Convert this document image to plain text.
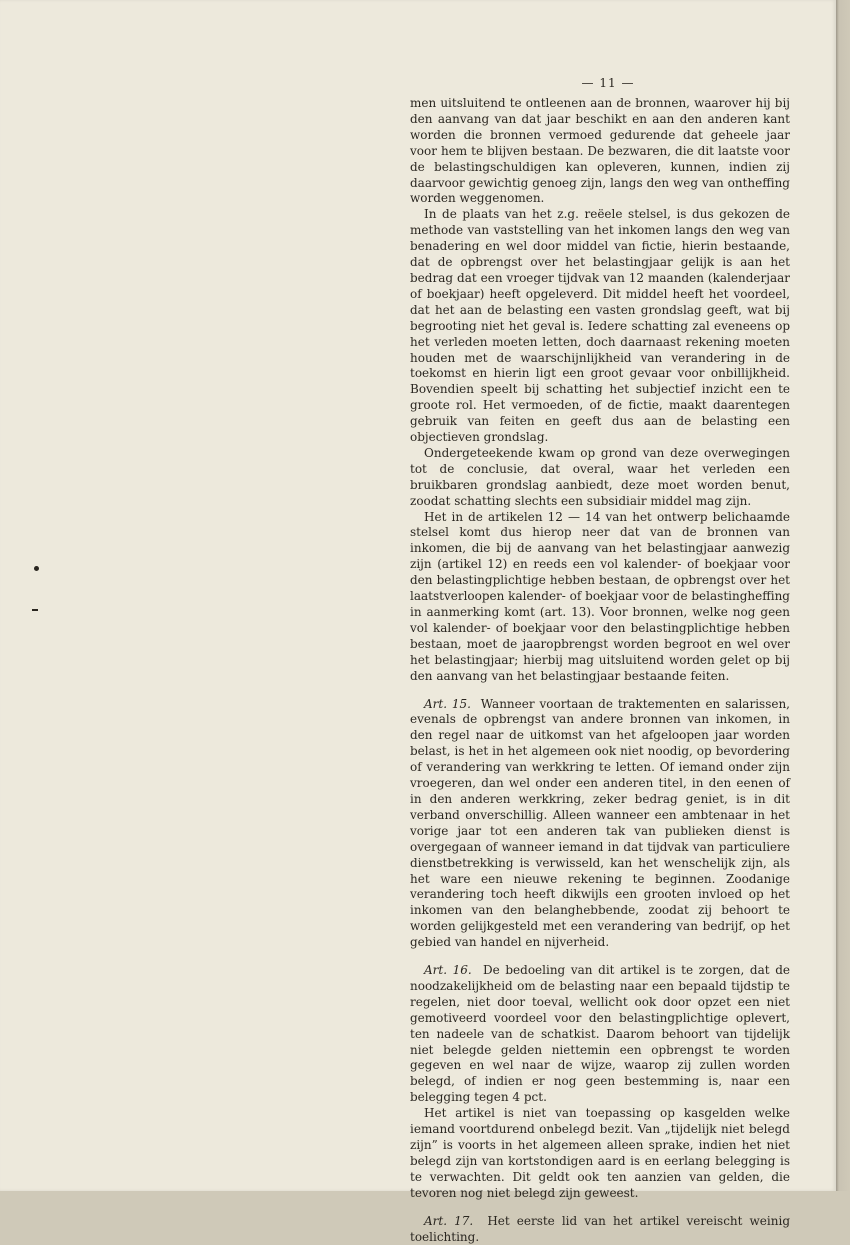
— 11 —

men uitsluitend te ontleenen aan de bronnen, waarover hij bij den aanvang van dat jaar beschikt en aan den anderen kant worden die bronnen vermoed gedurende dat geheele jaar voor hem te blijven bestaan. De bezwaren, die dit laatste voor de belastingschuldigen kan opleveren, kunnen, indien zij daarvoor gewichtig genoeg zijn, langs den weg van ontheffing worden weggenomen.

In de plaats van het z.g. reëele stelsel, is dus gekozen de methode van vaststelling van het inkomen langs den weg van benadering en wel door middel van fictie, hierin bestaande, dat de opbrengst over het belastingjaar gelijk is aan het bedrag dat een vroeger tijdvak van 12 maanden (kalenderjaar of boekjaar) heeft opgeleverd. Dit middel heeft het voordeel, dat het aan de belasting een vasten grondslag geeft, wat bij begrooting niet het geval is. Iedere schatting zal eveneens op het verleden moeten letten, doch daarnaast rekening moeten houden met de waarschijnlijkheid van verandering in de toekomst en hierin ligt een groot gevaar voor onbillijkheid. Bovendien speelt bij schatting het subjectief inzicht een te groote rol. Het vermoeden, of de fictie, maakt daarentegen gebruik van feiten en geeft dus aan de belasting een objectieven grondslag.

Ondergeteekende kwam op grond van deze overwegingen tot de conclusie, dat overal, waar het verleden een bruikbaren grondslag aanbiedt, deze moet worden benut, zoodat schatting slechts een subsidiair middel mag zijn.

Het in de artikelen 12 — 14 van het ontwerp belichaamde stelsel komt dus hierop neer dat van de bronnen van inkomen, die bij de aanvang van het belastingjaar aanwezig zijn (artikel 12) en reeds een vol kalender- of boekjaar voor den belastingplichtige hebben bestaan, de opbrengst over het laatstverloopen kalender- of boekjaar voor de belastingheffing in aanmerking komt (art. 13). Voor bronnen, welke nog geen vol kalender- of boekjaar voor den belastingplichtige hebben bestaan, moet de jaaropbrengst worden begroot en wel over het belastingjaar; hierbij mag uitsluitend worden gelet op bij den aanvang van het belastingjaar bestaande feiten.

Art. 15. Wanneer voortaan de traktementen en salarissen, evenals de opbrengst van andere bronnen van inkomen, in den regel naar de uitkomst van het afgeloopen jaar worden belast, is het in het algemeen ook niet noodig, op bevordering of verandering van werkkring te letten. Of iemand onder zijn vroegeren, dan wel onder een anderen titel, in den eenen of in den anderen werkkring, zeker bedrag geniet, is in dit verband onverschillig. Alleen wanneer een ambtenaar in het vorige jaar tot een anderen tak van publieken dienst is overgegaan of wanneer iemand in dat tijdvak van particuliere dienstbetrekking is verwisseld, kan het wenschelijk zijn, als het ware een nieuwe rekening te beginnen. Zoodanige verandering toch heeft dikwijls een grooten invloed op het inkomen van den belanghebbende, zoodat zij behoort te worden gelijkgesteld met een verandering van bedrijf, op het gebied van handel en nijverheid.

Art. 16. De bedoeling van dit artikel is te zorgen, dat de noodzakelijkheid om de belasting naar een bepaald tijdstip te regelen, niet door toeval, wellicht ook door opzet een niet gemotiveerd voordeel voor den belastingplichtige oplevert, ten nadeele van de schatkist. Daarom behoort van tijdelijk niet belegde gelden niettemin een opbrengst te worden gegeven en wel naar de wijze, waarop zij zullen worden belegd, of indien er nog geen bestemming is, naar een belegging tegen 4 pct.

Het artikel is niet van toepassing op kasgelden welke iemand voortdurend onbelegd bezit. Van „tijdelijk niet belegd zijn” is voorts in het algemeen alleen sprake, indien het niet belegd zijn van kortstondigen aard is en eerlang belegging is te verwachten. Dit geldt ook ten aanzien van gelden, die tevoren nog niet belegd zijn geweest.

Art. 17. Het eerste lid van het artikel vereischt weinig toelichting.
